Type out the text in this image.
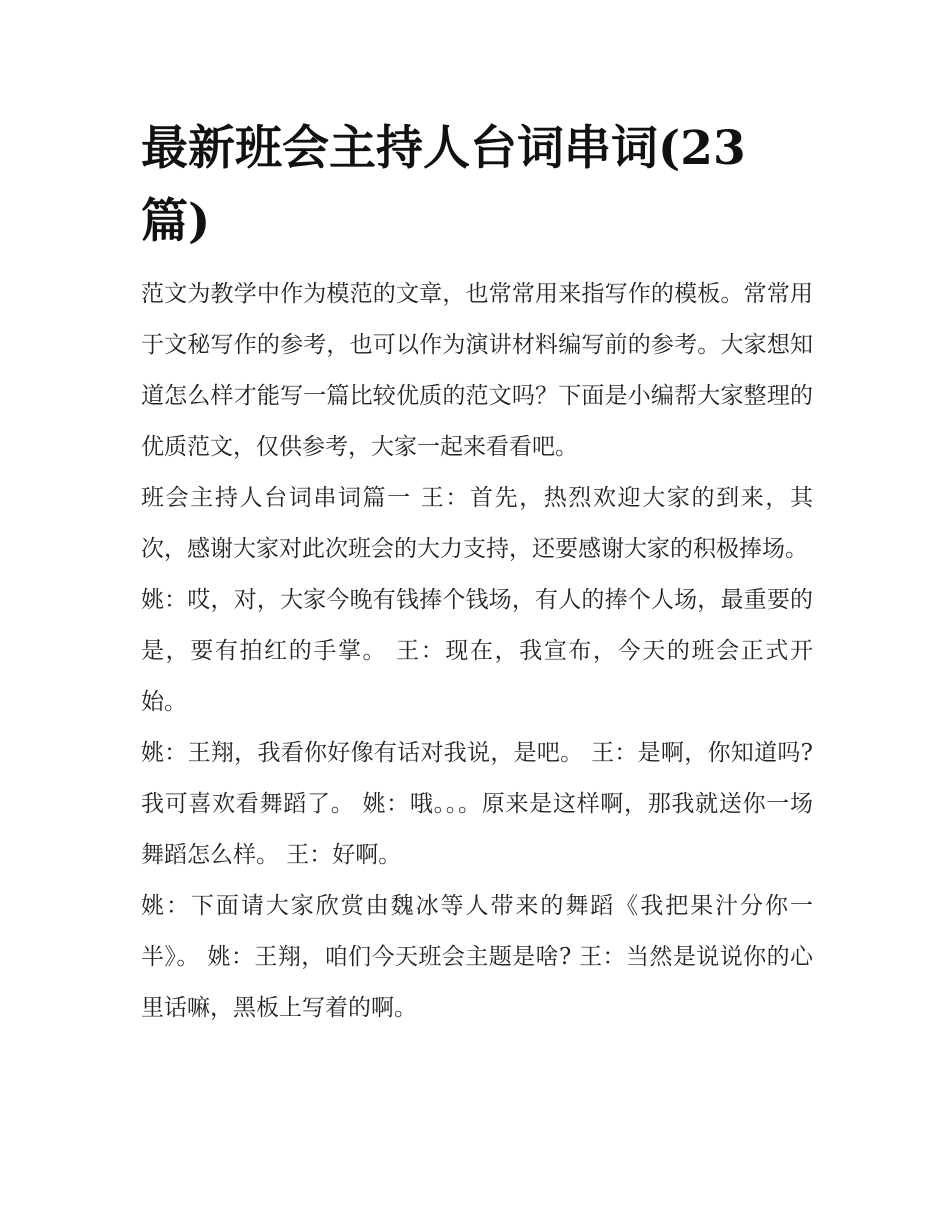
最新班会主持人台词串词(23篇)

范文为教学中作为模范的文章，也常常用来指写作的模板。常常用于文秘写作的参考，也可以作为演讲材料编写前的参考。大家想知道怎么样才能写一篇比较优质的范文吗？下面是小编帮大家整理的优质范文，仅供参考，大家一起来看看吧。

班会主持人台词串词篇一 王：首先，热烈欢迎大家的到来，其次，感谢大家对此次班会的大力支持，还要感谢大家的积极捧场。

姚：哎，对，大家今晚有钱捧个钱场，有人的捧个人场，最重要的是，要有拍红的手掌。 王：现在，我宣布，今天的班会正式开始。

姚：王翔，我看你好像有话对我说，是吧。 王：是啊，你知道吗?我可喜欢看舞蹈了。 姚：哦。。。原来是这样啊，那我就送你一场舞蹈怎么样。 王：好啊。

姚：下面请大家欣赏由魏冰等人带来的舞蹈《我把果汁分你一半》。 姚：王翔，咱们今天班会主题是啥? 王：当然是说说你的心里话嘛，黑板上写着的啊。
